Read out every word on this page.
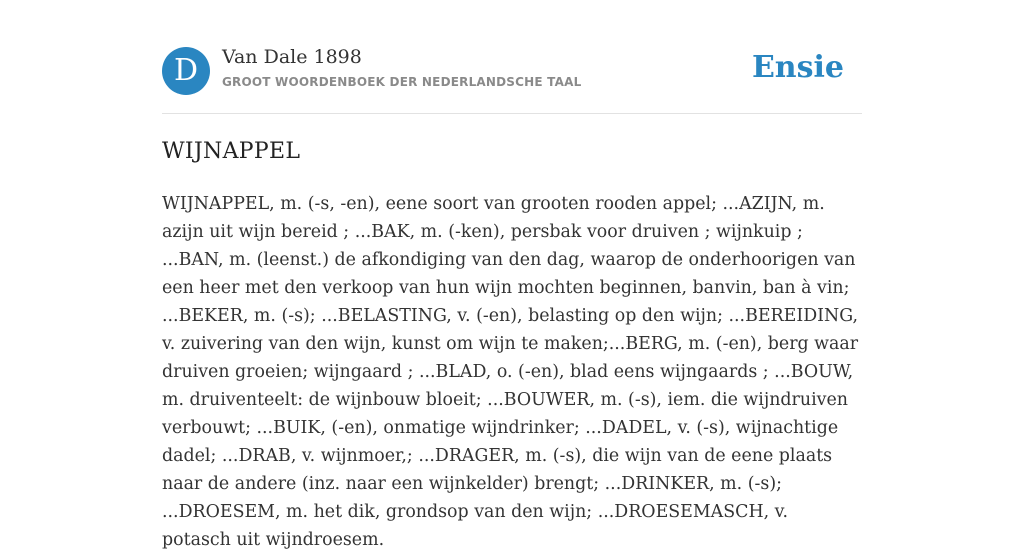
D	Van Dale 1898
GROOT WOORDENBOEK DER NEDERLANDSCHE TAAL	Ensie
WIJNAPPEL

WIJNAPPEL, m. (-s, -en), eene soort van grooten rooden appel; ...AZIJN, m. azijn uit wijn bereid ; ...BAK, m. (-ken), persbak voor druiven ; wijnkuip ; ...BAN, m. (leenst.) de afkondiging van den dag, waarop de onderhoorigen van een heer met den verkoop van hun wijn mochten beginnen, banvin, ban à vin; ...BEKER, m. (-s); ...BELASTING, v. (-en), belasting op den wijn; ...BEREIDING, v. zuivering van den wijn, kunst om wijn te maken;...BERG, m. (-en), berg waar druiven groeien; wijngaard ; ...BLAD, o. (-en), blad eens wijngaards ; ...BOUW, m. druiventeelt: de wijnbouw bloeit; ...BOUWER, m. (-s), iem. die wijndruiven verbouwt; ...BUIK, (-en), onmatige wijndrinker; ...DADEL, v. (-s), wijnachtige dadel; ...DRAB, v. wijnmoer,; ...DRAGER, m. (-s), die wijn van de eene plaats naar de andere (inz. naar een wijnkelder) brengt; ...DRINKER, m. (-s); ...DROESEM, m. het dik, grondsop van den wijn; ...DROESEMASCH, v. potasch uit wijndroesem.
